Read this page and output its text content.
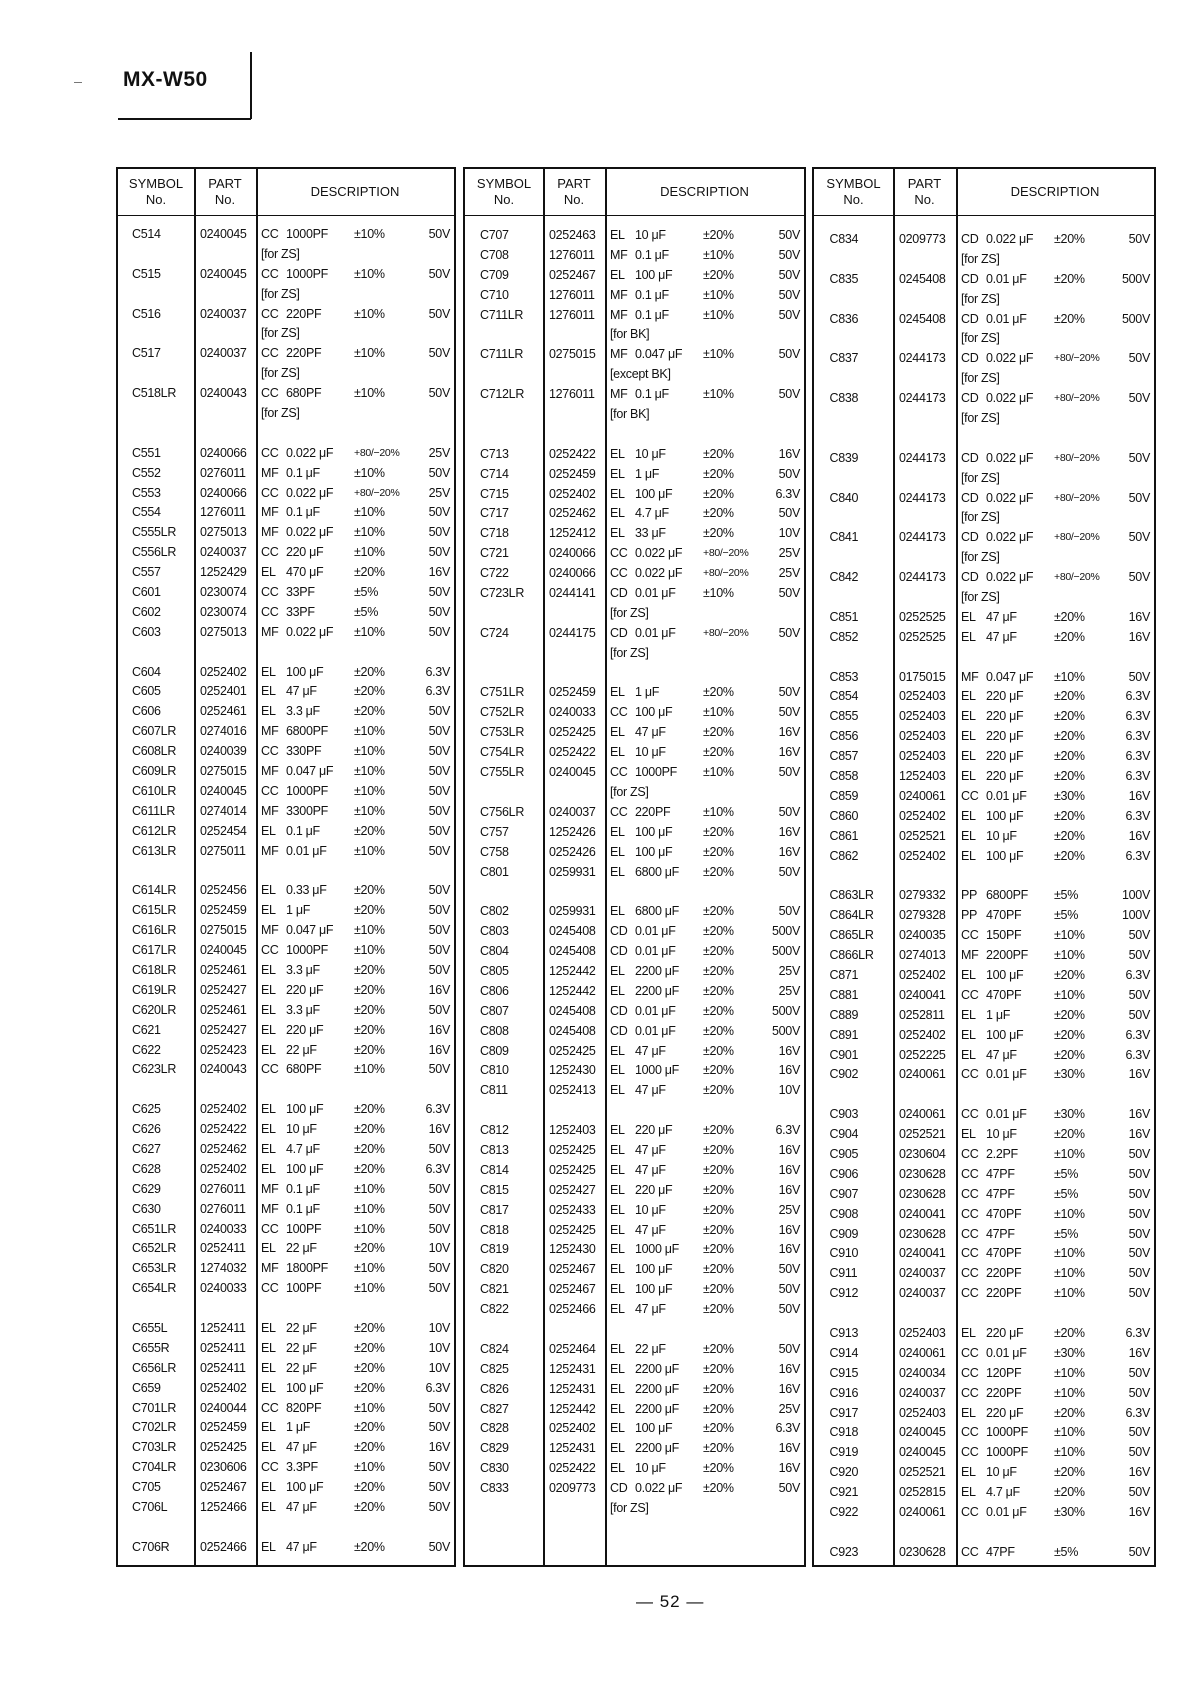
MX-W50
SYMBOL
No.
PART
No.
DESCRIPTION
C514	0240045 CC 1000PF ±10%	50V
[for ZS]
C515	0240045 CC 1000PF ±10%	50V
[for ZS]
C516	0240037 CC 220PF	±10%	50V
[for ZS]
C517	0240037 CC 220PF	±10%	50V
[for ZS]
C518LR 0240043 CC 680PF	±10%	50V
[for ZS]
C551	0240066 CC 0.022 μF +80/−20% 25V
C552	0276011 MF 0.1 μF	±10%	50V
C553	0240066 CC 0.022 μF +80/−20% 25V
C554	1276011 MF 0.1 μF	±10%	50V
C555LR 0275013 MF 0.022 μF ±10%	50V
C556LR 0240037 CC 220 μF ±10%	50V
C557	1252429 EL 470 μF ±20%	16V
C601	0230074 CC 33PF	±5%	50V
C602	0230074 CC 33PF	±5%	50V
C603	0275013 MF 0.022 μF ±10%	50V
C604	0252402 EL 100 μF ±20%	6.3V
C605	0252401 EL 47 μF	±20%	6.3V
C606	0252461 EL 3.3 μF	±20%	50V
C607LR 0274016 MF 6800PF ±10%	50V
C608LR 0240039 CC 330PF	±10%	50V
C609LR 0275015 MF 0.047 μF ±10%	50V
C610LR 0240045 CC 1000PF ±10%	50V
C611LR 0274014 MF 3300PF ±10%	50V
C612LR 0252454 EL 0.1 μF	±20%	50V
C613LR 0275011 MF 0.01 μF ±10%	50V
C614LR 0252456 EL 0.33 μF ±20%	50V
C615LR 0252459 EL 1 μF	±20%	50V
C616LR 0275015 MF 0.047 μF ±10%	50V
C617LR 0240045 CC 1000PF ±10%	50V
C618LR 0252461 EL 3.3 μF	±20%	50V
C619LR 0252427 EL 220 μF ±20%	16V
C620LR 0252461 EL 3.3 μF	±20%	50V
C621	0252427 EL 220 μF ±20%	16V
C622	0252423 EL 22 μF	±20%	16V
C623LR 0240043 CC 680PF	±10%	50V
C625	0252402 EL 100 μF ±20%	6.3V
C626	0252422 EL 10 μF	±20%	16V
C627	0252462 EL 4.7 μF	±20%	50V
C628	0252402 EL 100 μF ±20%	6.3V
C629	0276011 MF 0.1 μF	±10%	50V
C630	0276011 MF 0.1 μF	±10%	50V
C651LR 0240033 CC 100PF	±10%	50V
C652LR 0252411 EL 22 μF	±20%	10V
C653LR 1274032 MF 1800PF ±10%	50V
C654LR 0240033 CC 100PF	±10%	50V
C655L	1252411 EL 22 μF	±20%	10V
C655R 0252411 EL 22 μF	±20%	10V
C656LR 0252411 EL 22 μF	±20%	10V
C659	0252402 EL 100 μF ±20%	6.3V
C701LR 0240044 CC 820PF	±10%	50V
C702LR 0252459 EL 1 μF	±20%	50V
C703LR 0252425 EL 47 μF	±20%	16V
C704LR 0230606 CC 3.3PF	±10%	50V
C705	0252467 EL 100 μF ±20%	50V
C706L	1252466 EL 47 μF	±20%	50V
C706R 0252466 EL 47 μF	±20%	50V
SYMBOL
No.
PART
No.
DESCRIPTION
C707	0252463 EL 10 μF	±20%	50V
C708	1276011 MF 0.1 μF	±10%	50V
C709	0252467 EL 100 μF ±20%	50V
C710	1276011 MF 0.1 μF	±10%	50V
C711LR 1276011 MF 0.1 μF	±10%	50V
[for BK]
C711LR 0275015 MF 0.047 μF ±10%	50V
[except BK]
C712LR 1276011 MF 0.1 μF	±10%	50V
[for BK]
C713	0252422 EL 10 μF	±20%	16V
C714	0252459 EL 1 μF	±20%	50V
C715	0252402 EL 100 μF ±20%	6.3V
C717	0252462 EL 4.7 μF	±20%	50V
C718	1252412 EL 33 μF	±20%	10V
C721	0240066 CC 0.022 μF +80/−20% 25V
C722	0240066 CC 0.022 μF +80/−20% 25V
C723LR 0244141 CD 0.01 μF ±10%	50V
[for ZS]
C724	0244175 CD 0.01 μF	+80/−20% 50V
[for ZS]
C751LR 0252459 EL 1 μF	±20%	50V
C752LR 0240033 CC 100 μF ±10%	50V
C753LR 0252425 EL 47 μF	±20%	16V
C754LR 0252422 EL 10 μF	±20%	16V
C755LR 0240045 CC 1000PF ±10%	50V
[for ZS]
C756LR 0240037 CC 220PF	±10%	50V
C757	1252426 EL 100 μF ±20%	16V
C758	0252426 EL 100 μF ±20%	16V
C801	0259931 EL 6800 μF ±20%	50V
C802	0259931 EL 6800 μF ±20%	50V
C803	0245408 CD 0.01 μF ±20%	500V
C804	0245408 CD 0.01 μF ±20%	500V
C805	1252442 EL 2200 μF ±20%	25V
C806	1252442 EL 2200 μF ±20%	25V
C807	0245408 CD 0.01 μF ±20%	500V
C808	0245408 CD 0.01 μF ±20%	500V
C809	0252425 EL 47 μF	±20%	16V
C810	1252430 EL 1000 μF ±20%	16V
C811	0252413 EL 47 μF	±20%	10V
C812	1252403 EL 220 μF ±20%	6.3V
C813	0252425 EL 47 μF	±20%	16V
C814	0252425 EL 47 μF	±20%	16V
C815	0252427 EL 220 μF ±20%	16V
C817	0252433 EL 10 μF	±20%	25V
C818	0252425 EL 47 μF	±20%	16V
C819	1252430 EL 1000 μF ±20%	16V
C820	0252467 EL 100 μF ±20%	50V
C821	0252467 EL 100 μF ±20%	50V
C822	0252466 EL 47 μF	±20%	50V
C824	0252464 EL 22 μF	±20%	50V
C825	1252431 EL 2200 μF ±20%	16V
C826	1252431 EL 2200 μF ±20%	16V
C827	1252442 EL 2200 μF ±20%	25V
C828	0252402 EL 100 μF ±20%	6.3V
C829	1252431 EL 2200 μF ±20%	16V
C830	0252422 EL 10 μF	±20%	16V
C833	0209773 CD 0.022 μF ±20%	50V
[for ZS]
SYMBOL
No.
PART
No.
DESCRIPTION
C834	0209773 CD 0.022 μF ±20%	50V
[for ZS]
C835	0245408 CD 0.01 μF ±20%	500V
[for ZS]
C836	0245408 CD 0.01 μF ±20%	500V
[for ZS]
C837	0244173 CD 0.022 μF +80/−20% 50V
[for ZS]
C838	0244173 CD 0.022 μF +80/−20% 50V
[for ZS]
C839	0244173 CD 0.022 μF +80/−20% 50V
[for ZS]
C840	0244173 CD 0.022 μF +80/−20% 50V
[for ZS]
C841	0244173 CD 0.022 μF +80/−20% 50V
[for ZS]
C842	0244173 CD 0.022 μF +80/−20% 50V
[for ZS]
C851	0252525 EL 47 μF	±20%	16V
C852	0252525 EL 47 μF	±20%	16V
C853	0175015 MF 0.047 μF ±10%	50V
C854	0252403 EL 220 μF ±20%	6.3V
C855	0252403 EL 220 μF ±20%	6.3V
C856	0252403 EL 220 μF ±20%	6.3V
C857	0252403 EL 220 μF ±20%	6.3V
C858	1252403 EL 220 μF ±20%	6.3V
C859	0240061 CC 0.01 μF ±30%	16V
C860	0252402 EL 100 μF ±20%	6.3V
C861	0252521 EL 10 μF	±20%	16V
C862	0252402 EL 100 μF ±20%	6.3V
C863LR 0279332 PP 6800PF ±5%	100V
C864LR 0279328 PP 470PF	±5%	100V
C865LR 0240035 CC 150PF	±10%	50V
C866LR 0274013 MF 2200PF ±10%	50V
C871	0252402 EL 100 μF ±20%	6.3V
C881	0240041 CC 470PF	±10%	50V
C889	0252811 EL 1 μF	±20%	50V
C891	0252402 EL 100 μF ±20%	6.3V
C901	0252225 EL 47 μF	±20%	6.3V
C902	0240061 CC 0.01 μF ±30%	16V
C903	0240061 CC 0.01 μF ±30%	16V
C904	0252521 EL 10 μF	±20%	16V
C905	0230604 CC 2.2PF	±10%	50V
C906	0230628 CC 47PF	±5%	50V
C907	0230628 CC 47PF	±5%	50V
C908	0240041 CC 470PF	±10%	50V
C909	0230628 CC 47PF	±5%	50V
C910	0240041 CC 470PF	±10%	50V
C911	0240037 CC 220PF	±10%	50V
C912	0240037 CC 220PF	±10%	50V
C913	0252403 EL 220 μF ±20%	6.3V
C914	0240061 CC 0.01 μF ±30%	16V
C915	0240034 CC 120PF	±10%	50V
C916	0240037 CC 220PF	±10%	50V
C917	0252403 EL 220 μF ±20%	6.3V
C918	0240045 CC 1000PF ±10%	50V
C919	0240045 CC 1000PF ±10%	50V
C920	0252521 EL 10 μF	±20%	16V
C921	0252815 EL 4.7 μF	±20%	50V
C922	0240061 CC 0.01 μF ±30%	16V
C923	0230628 CC 47PF	±5%	50V
— 52 —
